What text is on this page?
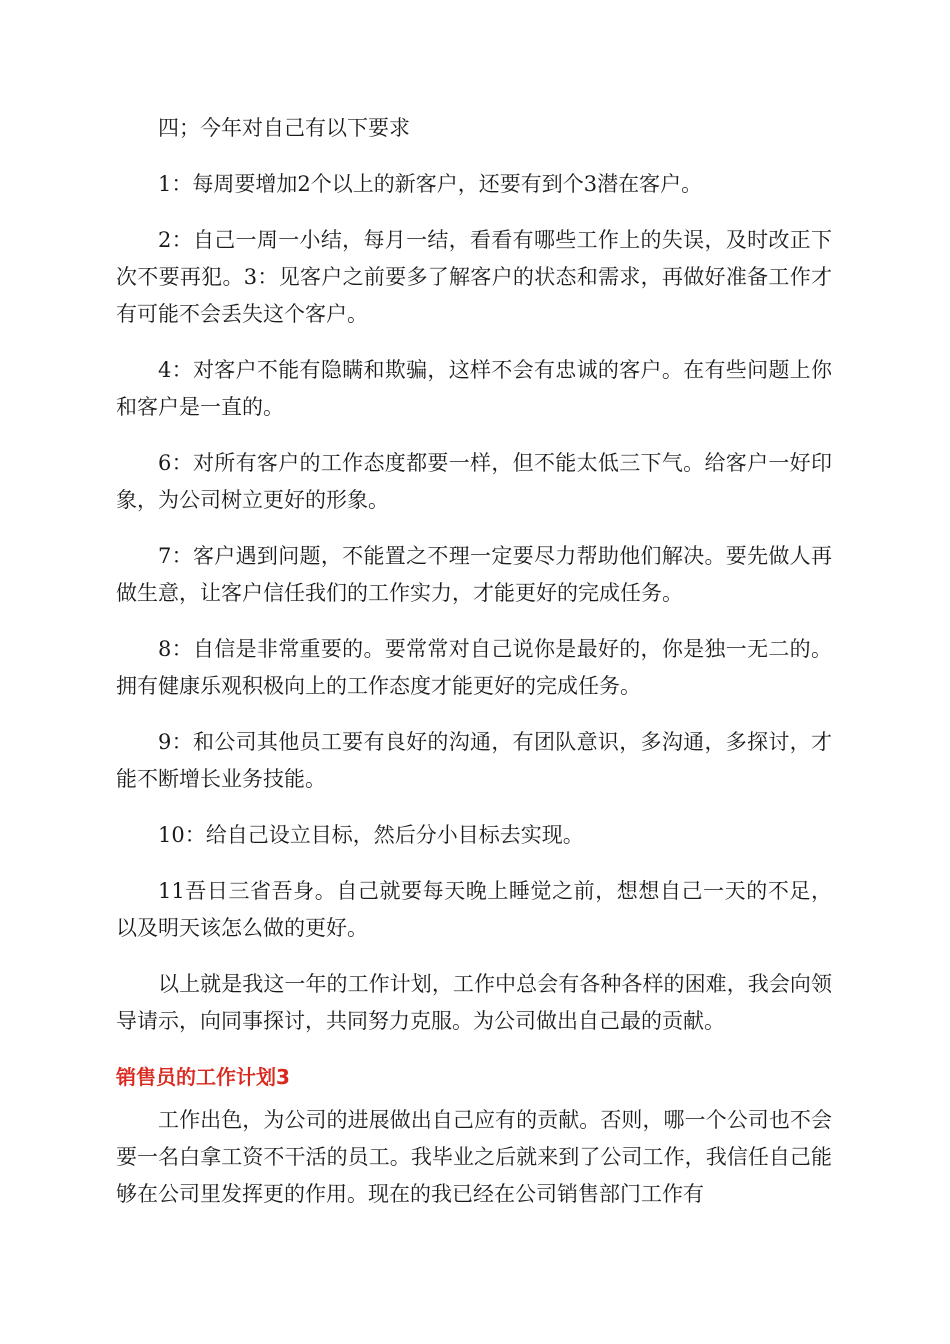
四；今年对自己有以下要求

1：每周要增加2个以上的新客户，还要有到个3潜在客户。

2：自己一周一小结，每月一结，看看有哪些工作上的失误，及时改正下次不要再犯。3：见客户之前要多了解客户的状态和需求，再做好准备工作才有可能不会丢失这个客户。

4：对客户不能有隐瞒和欺骗，这样不会有忠诚的客户。在有些问题上你和客户是一直的。

6：对所有客户的工作态度都要一样，但不能太低三下气。给客户一好印象，为公司树立更好的形象。

7：客户遇到问题，不能置之不理一定要尽力帮助他们解决。要先做人再做生意，让客户信任我们的工作实力，才能更好的完成任务。

8：自信是非常重要的。要常常对自己说你是最好的，你是独一无二的。拥有健康乐观积极向上的工作态度才能更好的完成任务。

9：和公司其他员工要有良好的沟通，有团队意识，多沟通，多探讨，才能不断增长业务技能。

10：给自己设立目标，然后分小目标去实现。

11吾日三省吾身。自己就要每天晚上睡觉之前，想想自己一天的不足，以及明天该怎么做的更好。

以上就是我这一年的工作计划，工作中总会有各种各样的困难，我会向领导请示，向同事探讨，共同努力克服。为公司做出自己最的贡献。

销售员的工作计划3

工作出色，为公司的进展做出自己应有的贡献。否则，哪一个公司也不会要一名白拿工资不干活的员工。我毕业之后就来到了公司工作，我信任自己能够在公司里发挥更的作用。现在的我已经在公司销售部门工作有
